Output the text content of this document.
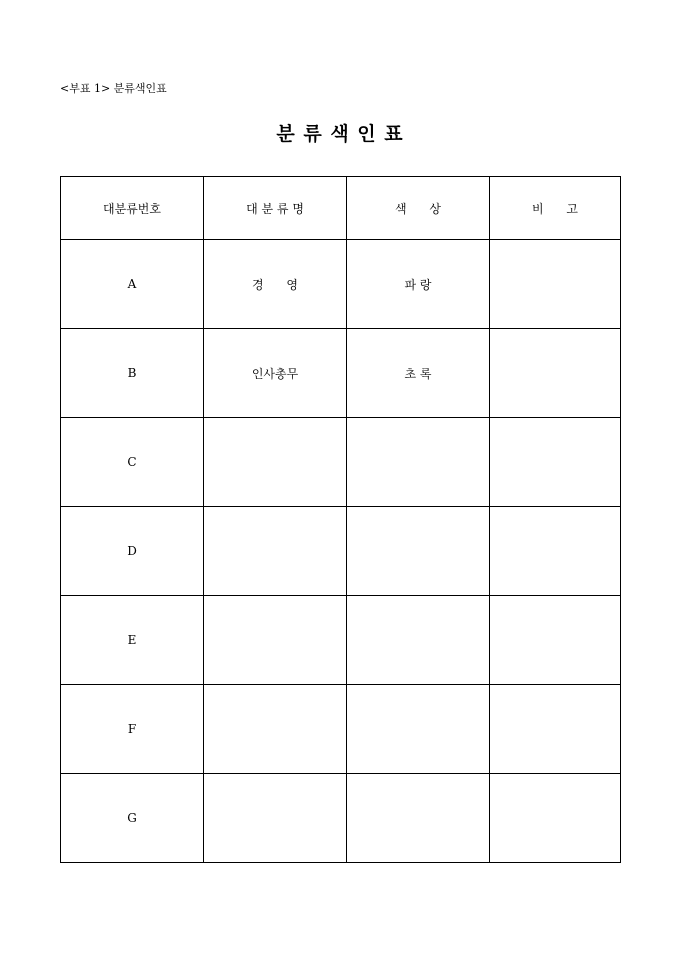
<부표 1> 분류색인표
분 류 색 인 표
대분류번호	대 분 류 명	색      상	비      고
A	경      영	파 랑	
B	인사총무	초 록	
C			
D			
E			
F			
G			
